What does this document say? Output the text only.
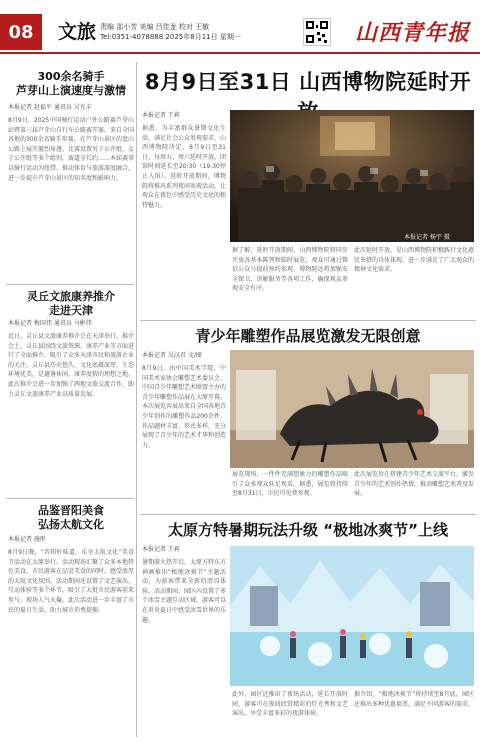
08	文旅 责编 邵小芳 美编 吕佳龙 校对 王敏
Tel:0351-4078888 2025年8月11日 星期一	山西青年报
300余名骑手
芦芽山上演速度与激情
本报记者 赵福平 通讯员 吴光丰
8月9日，2025中国骑行运动户外公路赛芦芽山站暨第三届芦芽山自行车公路赛开赛。来自全国各地的300余名骑手参赛，在芦芽山景区的盘山公路上展开激烈角逐，比赛设置男子公开组、女子公开组等多个组别，赛道全长约……本届赛事以骑行运动为纽带，推动体育与旅游深度融合，进一步提升芦芽山景区的知名度和影响力。
灵丘文旅康养推介
走进天津
本报记者 梅国伟 通讯员 马彬伟
近日，灵丘县文旅康养推介会在天津举行。推介会上，灵丘县围绕文旅资源、康养产业等方面进行了全面推介，吸引了众多天津市民和旅游企业的关注。灵丘县历史悠久、文化底蕴深厚，生态环境优美，是避暑休闲、康养度假的理想之地。此次推介会进一步加强了两地文旅交流合作，助力灵丘文旅康养产业高质量发展。
品鉴晋阳美食
弘扬太航文化
本报记者 施彤
8月9日晚，“晋阳好味道、乐享太航文化”美食节活动在太原举行。活动现场汇聚了众多本地特色美食，市民游客在品尝美食的同时，感受浓厚的太航文化氛围。活动期间还设置了文艺演出、互动体验等多个环节，吸引了大批市民游客前来参与，现场人气火爆。此次活动进一步丰富了市民的夏日生活，助力城市消费提振。
8月9日至31日 山西博物院延时开
本报记者 王莉
据悉，为丰富群众暑期文化生活，满足社会公众参观需求，山西博物院决定，8月9日至31日，每周五、周六延时开放，闭馆时间延长至20:30（19:30停止入馆）。延时开放期间，博物院将推出系列夜间参观活动，让观众在夜色中感受历史文化的独特魅力。
本报记者 杨宇 摄
据了解，延时开放期间，山西博物院将同步开放各基本陈列和临时展览，观众可通过微信公众号提前预约参观。博物院还将加强安全保卫、讲解服务等各项工作，确保观众参观安全有序。
此次延时开放，是山西博物院积极践行文化惠民举措的具体体现，进一步满足了广大观众的精神文化需求。
青少年雕塑作品展览激发无限创意
本报记者 吴汉君 文/图
8月9日，由中国美术学院、中国美术家协会雕塑艺术委员会、中国青少年雕塑艺术联盟主办的青少年雕塑作品展在太原开幕。本次展览共展出来自全国各地青少年创作的雕塑作品200余件，作品题材丰富、形式多样，充分展现了青少年的艺术才华和创造力。
展览现场，一件件充满想象力的雕塑作品吸引了众多观众驻足观看。据悉，展览将持续至8月31日，市民可免费参观。
此次展览旨在搭建青少年艺术交流平台，激发青少年的艺术创作热情，推动雕塑艺术普及发展。
太原方特暑期玩法升级 “极地冰爽节”上线
本报记者 王莉
暑期游火热开启，太原方特东方神画推出“极地冰爽节”主题活动，为游客带来全新的清凉体验。活动期间，园区内设置了多个冰雪主题互动区域，游客可以在炎炎夏日中感受冰雪世界的乐趣。
此外，园区还推出了夜场活动，延长开放时间，游客可在夜间欣赏精彩的灯光秀和文艺演出，享受丰富多彩的夜游体验。
据介绍，“极地冰爽节”将持续至8月底，园区还推出多种优惠套票，满足不同游客的需求。
